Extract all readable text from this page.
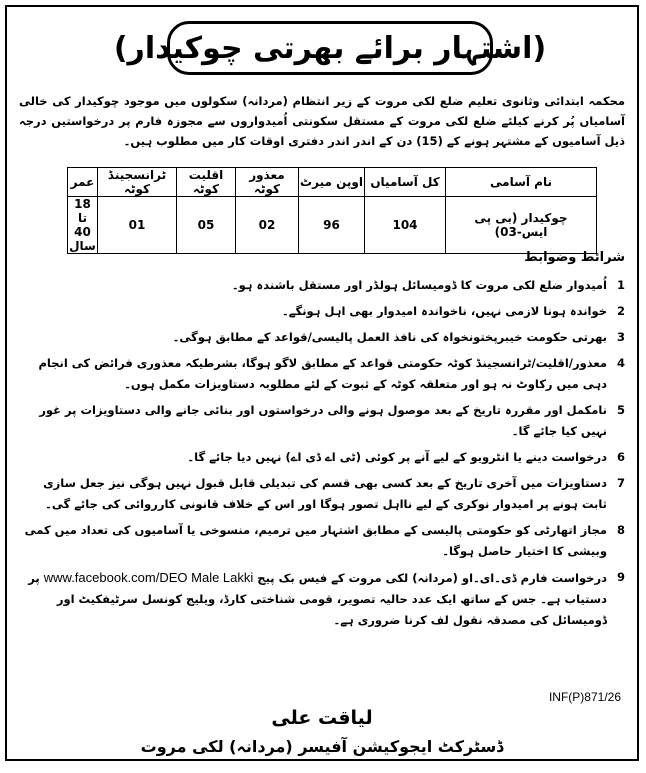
(اشتہار برائے بھرتی چوکیدار)
محکمہ ابتدائی وثانوی تعلیم ضلع لکی مروت کے زیر انتظام (مردانہ) سکولوں میں موجود چوکیدار کی خالی آسامیاں پُر کرنے کیلئے ضلع لکی مروت کے مستقل سکونتی اُمیدواروں سے مجوزہ فارم پر درخواستیں درجہ ذیل آسامیوں کے مشتہر ہونے کے (15) دن کے اندر اندر دفتری اوقات کار میں مطلوب ہیں۔
نام آسامی	کل آسامیاں	اوپن میرٹ	معذور کوٹہ	اقلیت کوٹہ	ٹرانسجینڈ کوٹہ	عمر
چوکیدار (بی پی ایس-03)	104	96	02	05	01	18 تا 40 سال
شرائط وضوابط
1
اُمیدوار ضلع لکی مروت کا ڈومیسائل ہولڈر اور مستقل باشندہ ہو۔
2
خواندہ ہونا لازمی نہیں، ناخواندہ امیدوار بھی اہل ہونگے۔
3
بھرتی حکومت خیبرپختونخواہ کی نافذ العمل پالیسی/قواعد کے مطابق ہوگی۔
4
معذور/اقلیت/ٹرانسجینڈ کوٹہ حکومتی قواعد کے مطابق لاگو ہوگا، بشرطیکہ معذوری فرائض کی انجام دہی میں رکاوٹ نہ ہو اور متعلقہ کوٹہ کے ثبوت کے لئے مطلوبہ دستاویزات مکمل ہوں۔
5
نامکمل اور مقررہ تاریخ کے بعد موصول ہونے والی درخواستوں اور بنائی جانے والی دستاویزات پر غور نہیں کیا جائے گا۔
6
درخواست دینے یا انٹرویو کے لیے آنے پر کوئی (ٹی اے ڈی اے) نہیں دیا جائے گا۔
7
دستاویزات میں آخری تاریخ کے بعد کسی بھی قسم کی تبدیلی قابل قبول نہیں ہوگی نیز جعل سازی ثابت ہونے پر امیدوار نوکری کے لیے نااہل تصور ہوگا اور اس کے خلاف قانونی کارروائی کی جائے گی۔
8
مجاز اتھارٹی کو حکومتی پالیسی کے مطابق اشتہار میں ترمیم، منسوخی یا آسامیوں کی تعداد میں کمی وبیشی کا اختیار حاصل ہوگا۔
9
درخواست فارم ڈی۔ای۔او (مردانہ) لکی مروت کے فیس بک پیج www.facebook.com/DEO Male Lakki پر دستیاب ہے۔ جس کے ساتھ ایک عدد حالیہ تصویر، قومی شناختی کارڈ، ویلیج کونسل سرٹیفکیٹ اور ڈومیسائل کی مصدقہ نقول لف کرنا ضروری ہے۔
INF(P)871/26
لیاقت علی
ڈسٹرکٹ ایجوکیشن آفیسر (مردانہ) لکی مروت
